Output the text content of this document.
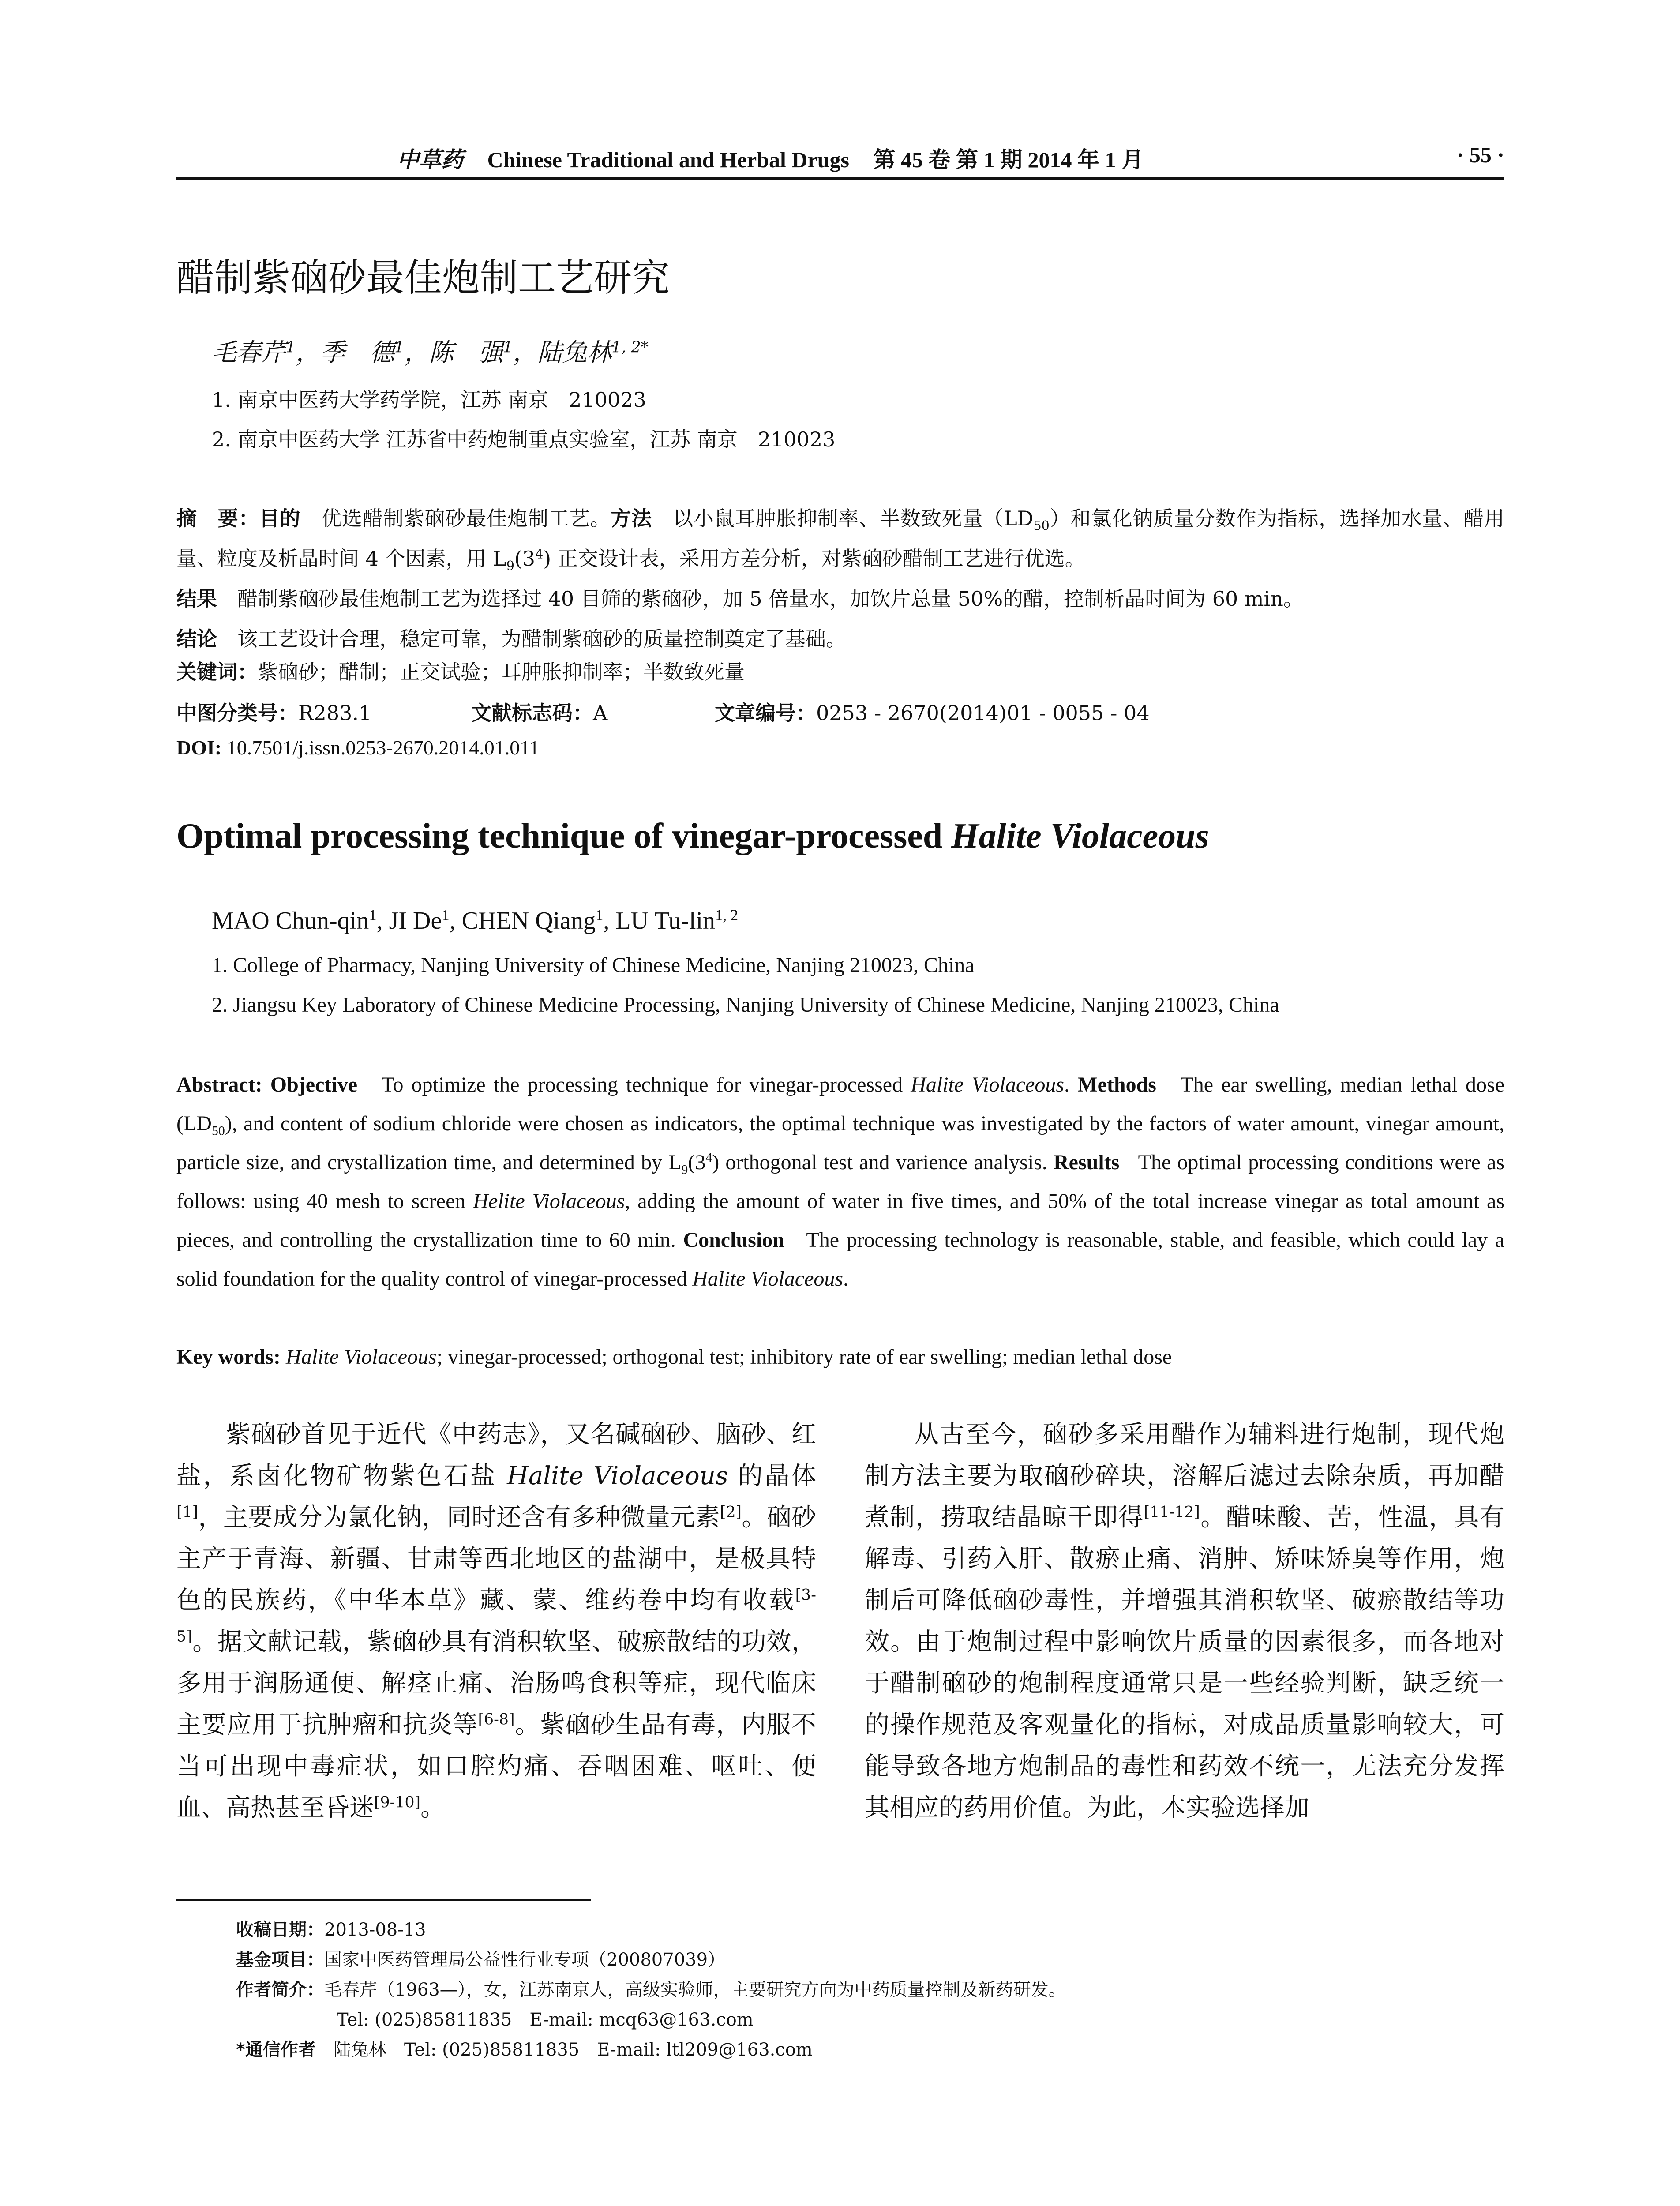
中草药 Chinese Traditional and Herbal Drugs 第 45 卷 第 1 期 2014 年 1 月	· 55 ·
醋制紫硇砂最佳炮制工艺研究
毛春芹$^1$，季　德$^1$，陈　强$^1$，陆兔林$^{1, 2*}$
1. 南京中医药大学药学院，江苏 南京　210023
2. 南京中医药大学 江苏省中药炮制重点实验室，江苏 南京　210023
摘　要：目的　 优选醋制紫硇砂最佳炮制工艺。方法　 以小鼠耳肿胀抑制率、半数致死量$(LD_{50})$和氯化钠质量分数作为指标，选择加水量、醋用量、粒度及析晶时间 4 个因素，用 $L_9(3^4)$ 正交设计表，采用方差分析，对紫硇砂醋制工艺进行优选。
结果　 醋制紫硇砂最佳炮制工艺为选择过 40 目筛的紫硇砂，加 5 倍量水，加饮片总量 50%的醋，控制析晶时间为 60 min。
结论　 该工艺设计合理，稳定可靠，为醋制紫硇砂的质量控制奠定了基础。
关键词：紫硇砂；醋制；正交试验；耳肿胀抑制率；半数致死量
中图分类号：R283.1	文献标志码：A	文章编号：0253 - 2670(2014)01 - 0055 - 04
DOI: 10.7501/j.issn.0253-2670.2014.01.011
Optimal processing technique of vinegar-processed Halite Violaceous
MAO Chun-qin$^1$, JI De$^1$, CHEN Qiang$^1$, LU Tu-lin$^{1, 2}$
1. College of Pharmacy, Nanjing University of Chinese Medicine, Nanjing 210023, China
2. Jiangsu Key Laboratory of Chinese Medicine Processing, Nanjing University of Chinese Medicine, Nanjing 210023, China
Abstract: Objective To optimize the processing technique for vinegar-processed Halite Violaceous. Methods The ear swelling, median lethal dose $(LD_{50})$, and content of sodium chloride were chosen as indicators, the optimal technique was investigated by the factors of water amount, vinegar amount, particle size, and crystallization time, and determined by $L_9(3^4)$ orthogonal test and varience analysis. Results The optimal processing conditions were as follows: using 40 mesh to screen Helite Violaceous, adding the amount of water in five times, and 50% of the total increase vinegar as total amount as pieces, and controlling the crystallization time to 60 min. Conclusion The processing technology is reasonable, stable, and feasible, which could lay a solid foundation for the quality control of vinegar-processed Halite Violaceous.
Key words: Halite Violaceous; vinegar-processed; orthogonal test; inhibitory rate of ear swelling; median lethal dose
紫硇砂首见于近代《中药志》，又名碱硇砂、脑砂、红盐，系卤化物矿物紫色石盐 Halite Violaceous 的晶体[1]，主要成分为氯化钠，同时还含有多种微量元素[2]。硇砂主产于青海、新疆、甘肃等西北地区的盐湖中，是极具特色的民族药，《中华本草》藏、蒙、维药卷中均有收载[3-5]。据文献记载，紫硇砂具有消积软坚、破瘀散结的功效，多用于润肠通便、解痉止痛、治肠鸣食积等症，现代临床主要应用于抗肿瘤和抗炎等[6-8]。紫硇砂生品有毒，内服不当可出现中毒症状，如口腔灼痛、吞咽困难、呕吐、便血、高热甚至昏迷[9-10]。
从古至今，硇砂多采用醋作为辅料进行炮制，现代炮制方法主要为取硇砂碎块，溶解后滤过去除杂质，再加醋煮制，捞取结晶晾干即得[11-12]。醋味酸、苦，性温，具有解毒、引药入肝、散瘀止痛、消肿、矫味矫臭等作用，炮制后可降低硇砂毒性，并增强其消积软坚、破瘀散结等功效。由于炮制过程中影响饮片质量的因素很多，而各地对于醋制硇砂的炮制程度通常只是一些经验判断，缺乏统一的操作规范及客观量化的指标，对成品质量影响较大，可能导致各地方炮制品的毒性和药效不统一，无法充分发挥其相应的药用价值。为此，本实验选择加
收稿日期：2013-08-13
基金项目：国家中医药管理局公益性行业专项（200807039）
作者简介：毛春芹（1963—），女，江苏南京人，高级实验师，主要研究方向为中药质量控制及新药研发。
Tel: (025)85811835　E-mail: mcq63@163.com
*通信作者　陆兔林　Tel: (025)85811835　E-mail: ltl209@163.com
